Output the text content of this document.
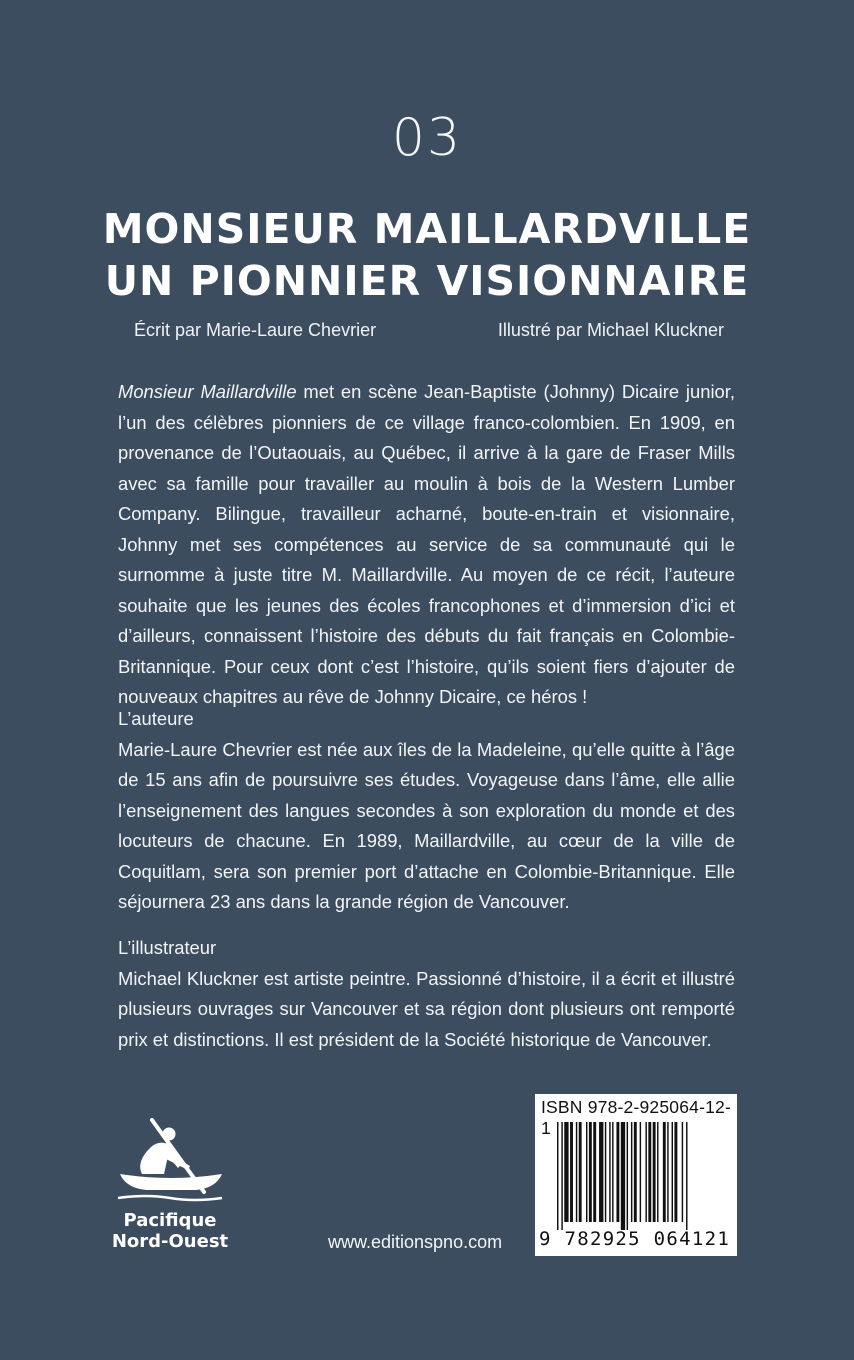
03
MONSIEUR MAILLARDVILLE
UN PIONNIER VISIONNAIRE
Écrit par Marie-Laure Chevrier	Illustré par Michael Kluckner

Monsieur Maillardville met en scène Jean-Baptiste (Johnny) Dicaire junior, l’un des célèbres pionniers de ce village franco-colombien. En 1909, en provenance de l’Outaouais, au Québec, il arrive à la gare de Fraser Mills avec sa famille pour travailler au moulin à bois de la Western Lumber Company. Bilingue, travailleur acharné, boute-en-train et visionnaire, Johnny met ses compétences au service de sa communauté qui le surnomme à juste titre M. Maillardville. Au moyen de ce récit, l’auteure souhaite que les jeunes des écoles francophones et d’immersion d’ici et d’ailleurs, connaissent l’histoire des débuts du fait français en Colombie-Britannique. Pour ceux dont c’est l’histoire, qu’ils soient fiers d’ajouter de nouveaux chapitres au rêve de Johnny Dicaire, ce héros !

L’auteure

Marie-Laure Chevrier est née aux îles de la Madeleine, qu’elle quitte à l’âge de 15 ans afin de poursuivre ses études. Voyageuse dans l’âme, elle allie l’enseignement des langues secondes à son exploration du monde et des locuteurs de chacune. En 1989, Maillardville, au cœur de la ville de Coquitlam, sera son premier port d’attache en Colombie-Britannique. Elle séjournera 23 ans dans la grande région de Vancouver.

L’illustrateur

Michael Kluckner est artiste peintre. Passionné d’histoire, il a écrit et illustré plusieurs ouvrages sur Vancouver et sa région dont plusieurs ont remporté prix et distinctions. Il est président de la Société historique de Vancouver.

Pacifique
Nord-Ouest	www.editionspno.com
ISBN 978-2-925064-12-1
9 782925 064121
